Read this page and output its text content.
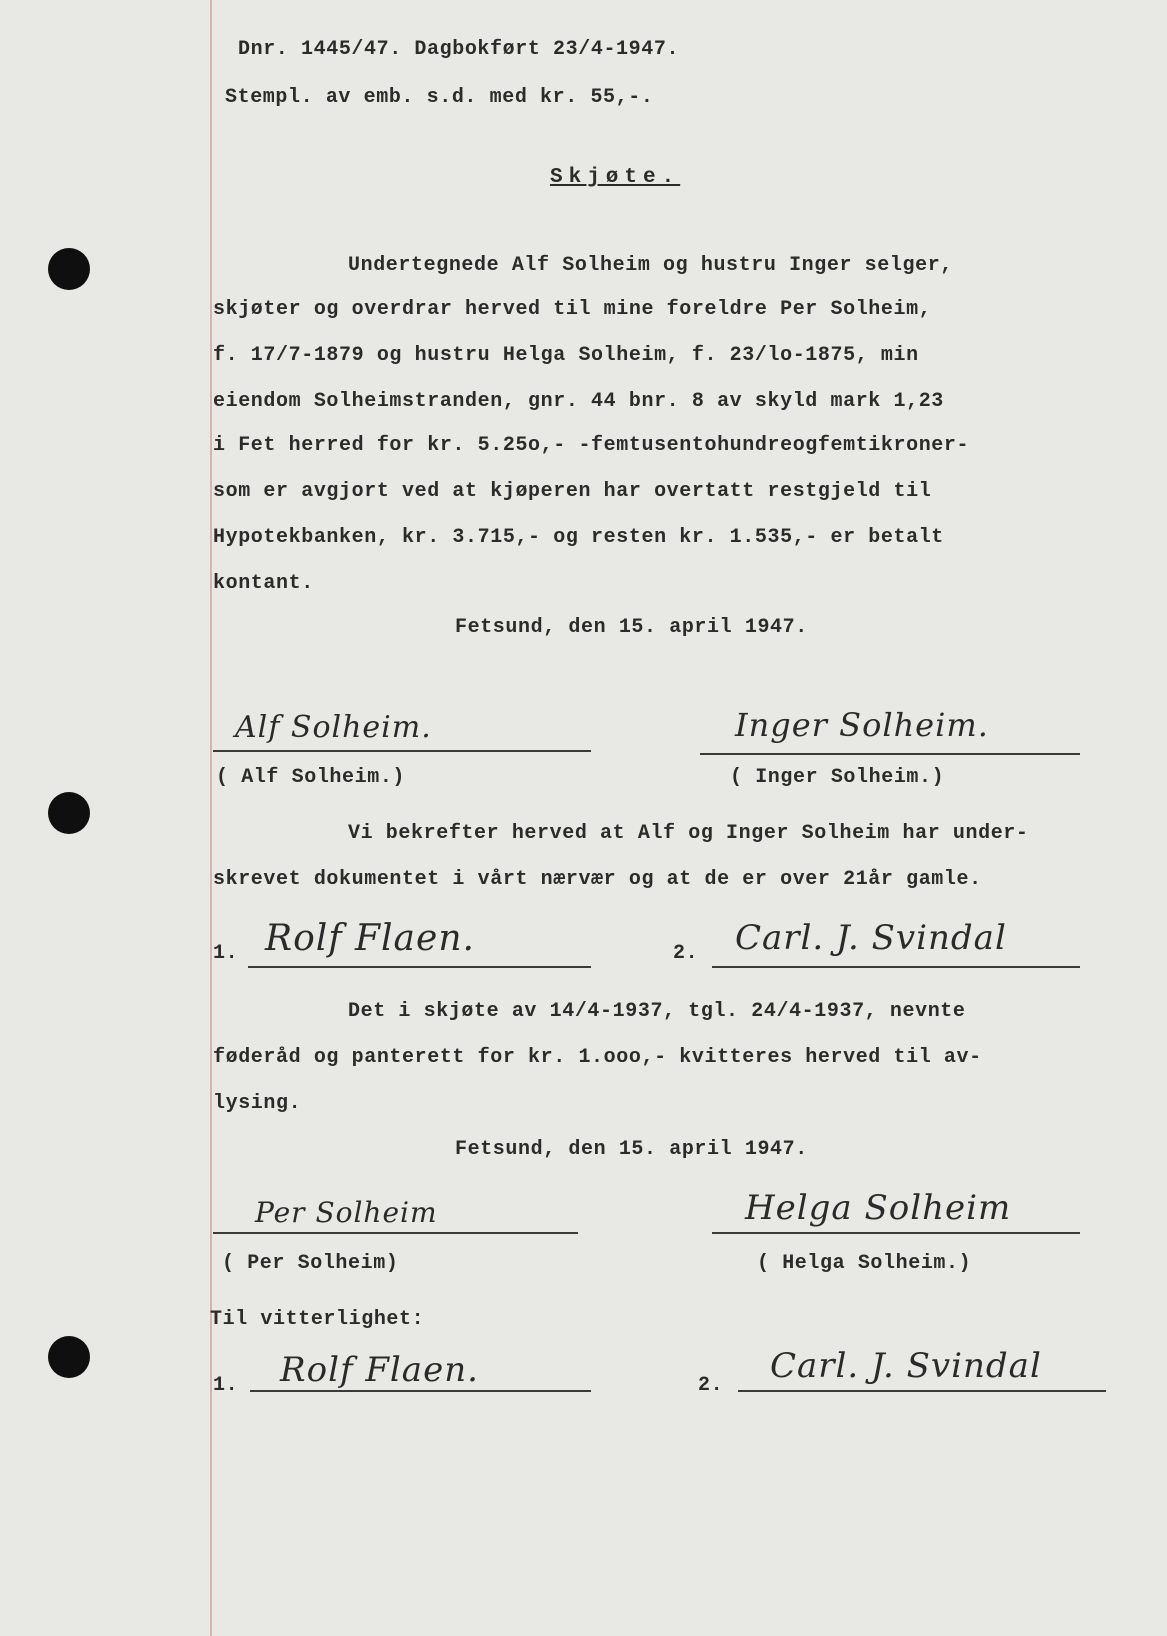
Dnr. 1445/47. Dagbokført 23/4-1947.
Stempl. av emb. s.d. med kr. 55,-.
Skjøte.
Undertegnede Alf Solheim og hustru Inger selger,
skjøter og overdrar herved til mine foreldre Per Solheim,
f. 17/7-1879 og hustru Helga Solheim, f. 23/lo-1875, min
eiendom Solheimstranden, gnr. 44 bnr. 8 av skyld mark 1,23
i Fet herred for kr. 5.25o,- -femtusentohundreogfemtikroner-
som er avgjort ved at kjøperen har overtatt restgjeld til
Hypotekbanken, kr. 3.715,- og resten kr. 1.535,- er betalt
kontant.
Fetsund, den 15. april 1947.
Alf Solheim.	Inger Solheim.
( Alf Solheim.)	( Inger Solheim.)
Vi bekrefter herved at Alf og Inger Solheim har under-
skrevet dokumentet i vårt nærvær og at de er over 21år gamle.
1. Rolf Flaen.	2. Carl. J. Svindal
Det i skjøte av 14/4-1937, tgl. 24/4-1937, nevnte
føderåd og panterett for kr. 1.ooo,- kvitteres herved til av-
lysing.
Fetsund, den 15. april 1947.
Per Solheim	Helga Solheim
( Per Solheim)	( Helga Solheim.)
Til vitterlighet:
1. Rolf Flaen.	2. Carl. J. Svindal
